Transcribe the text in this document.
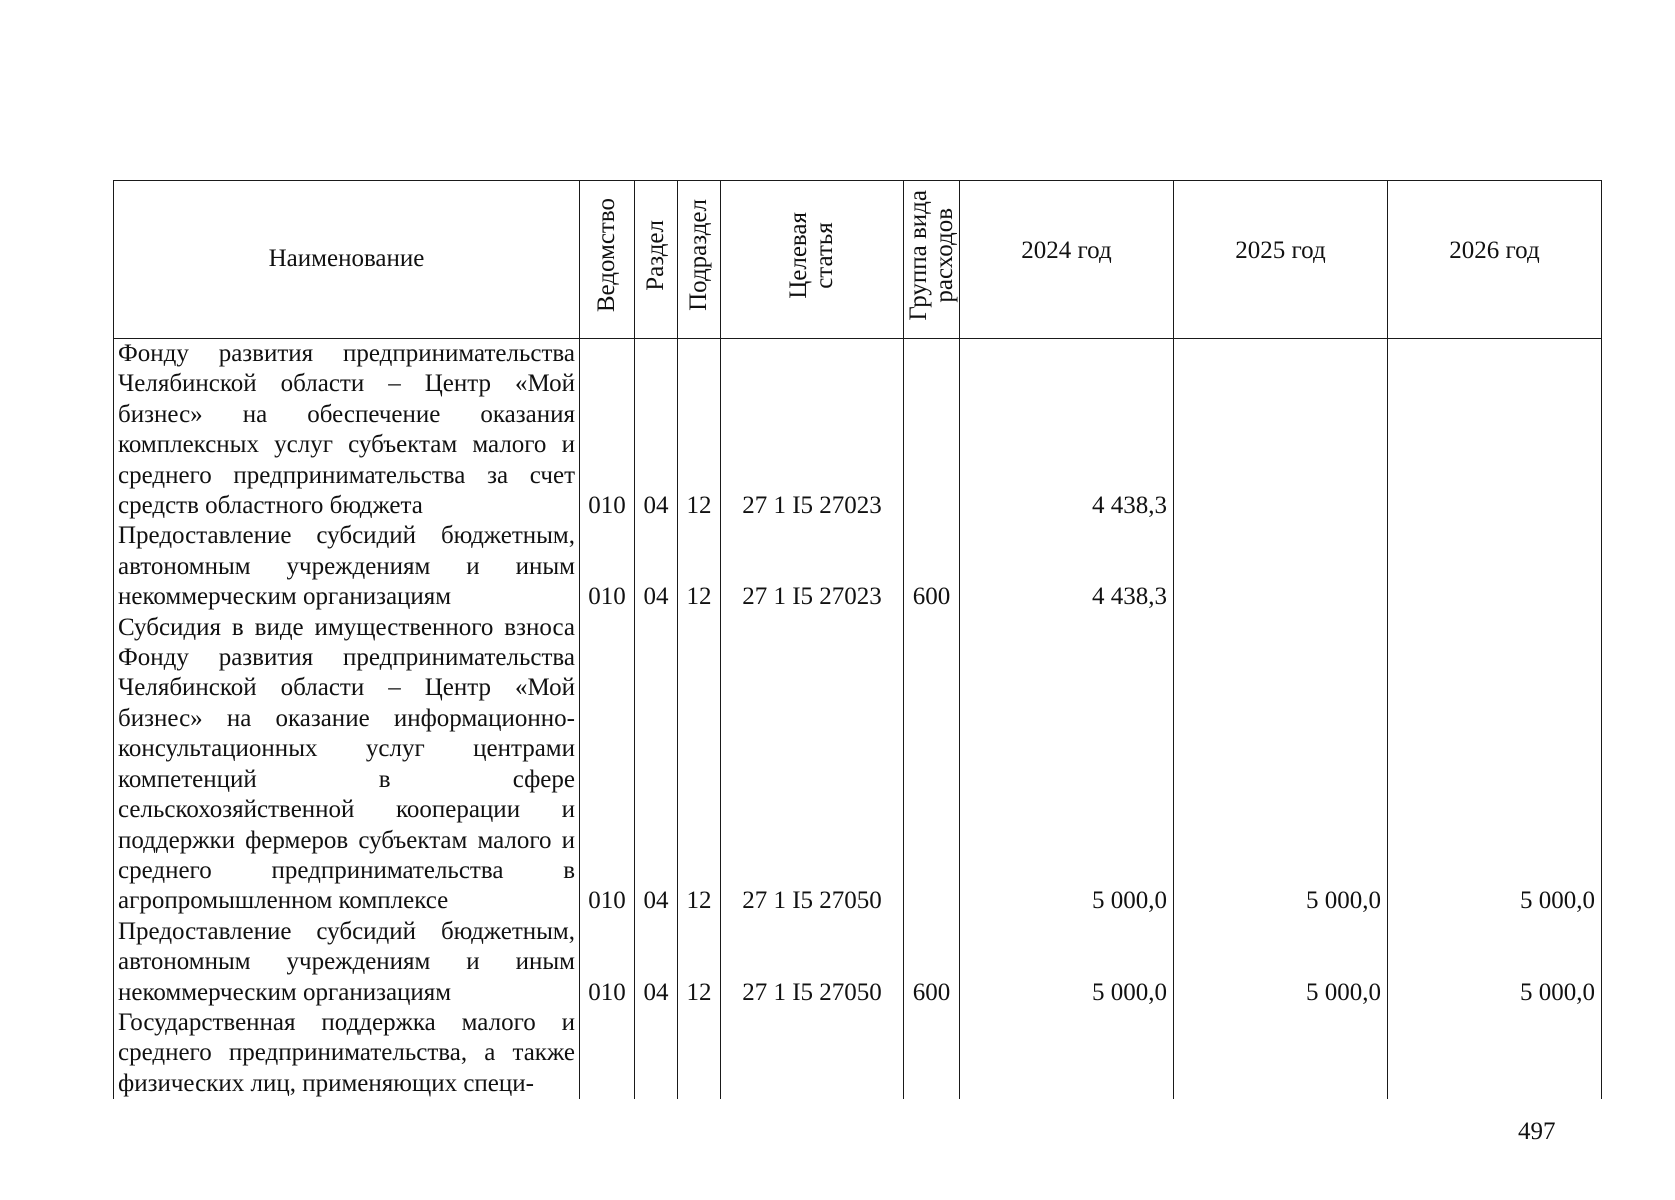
Наименование	Ведомство	Раздел	Подраздел	Целевая
статья	Группа вида
расходов	2024 год	2025 год	2026 год
Фонду развития предпринимательства Челябинской области – Центр «Мой бизнес» на обеспечение оказания комплексных услуг субъектам малого и среднего предпринимательства за счет средств областного бюджета	010	04	12	27 1 I5 27023		4 438,3		
Предоставление субсидий бюджетным, автономным учреждениям и иным некоммерческим организациям	010	04	12	27 1 I5 27023	600	4 438,3		
Субсидия в виде имущественного взноса Фонду развития предпринимательства Челябинской области – Центр «Мой бизнес» на оказание информационно-консультационных услуг центрами компетенций в сфере сельскохозяйственной кооперации и поддержки фермеров субъектам малого и среднего предпринимательства в агропромышленном комплексе	010	04	12	27 1 I5 27050		5 000,0	5 000,0	5 000,0
Предоставление субсидий бюджетным, автономным учреждениям и иным некоммерческим организациям	010	04	12	27 1 I5 27050	600	5 000,0	5 000,0	5 000,0
Государственная поддержка малого и среднего предпринимательства, а также физических лиц, применяющих специ-								
497
